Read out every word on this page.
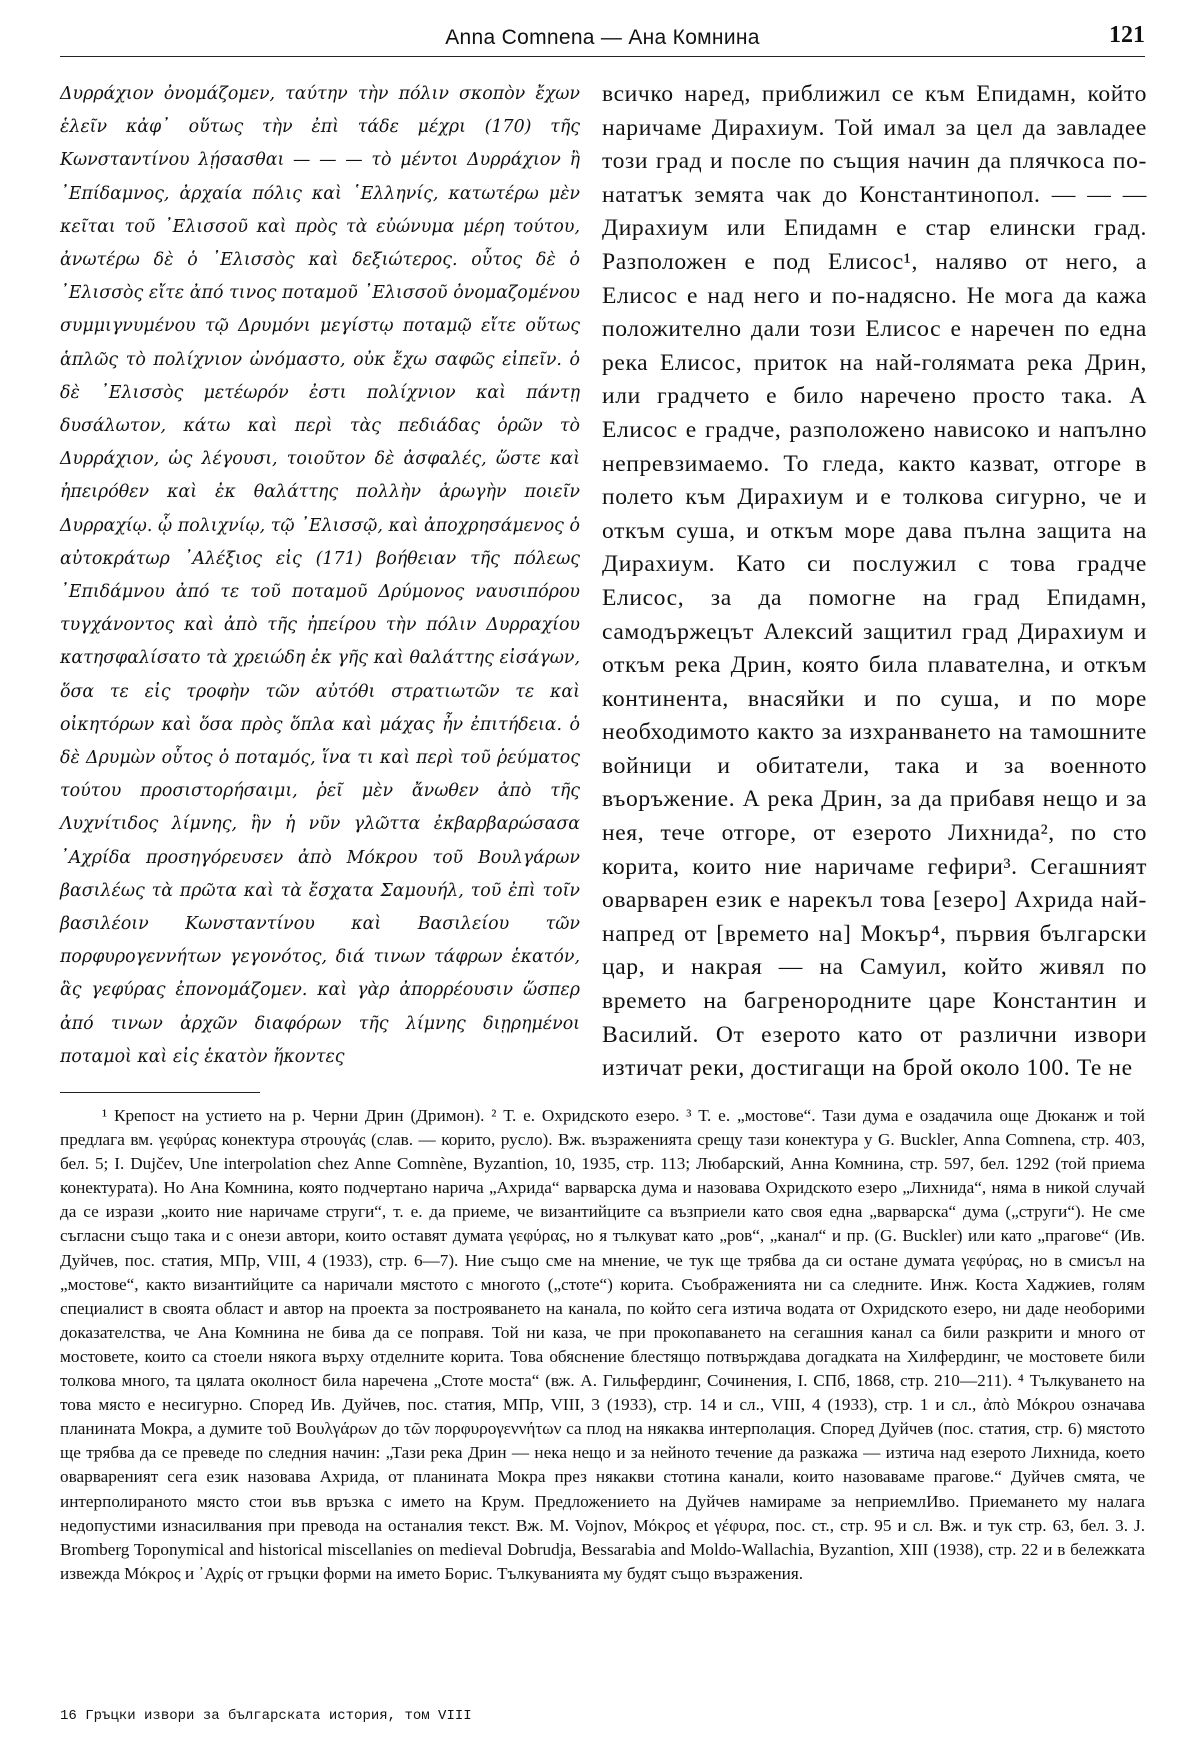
Anna Comnena — Ана Комнина	121

Δυρράχιον ὀνομάζομεν, ταύτην τὴν πόλιν σκοπὸν ἔχων ἑλεῖν κἀφ᾿ οὕτως τὴν ἐπὶ τάδε μέχρι (170) τῆς Κωνσταντίνου λῄσασθαι — — — τὸ μέντοι Δυρράχιον ἢ ᾿Επίδαμνος, ἀρχαία πόλις καὶ ῾Ελληνίς, κατωτέρω μὲν κεῖται τοῦ ᾿Ελισσοῦ καὶ πρὸς τὰ εὐώνυμα μέρη τούτου, ἀνωτέρω δὲ ὁ ᾿Ελισσὸς καὶ δεξιώτερος. οὗτος δὲ ὁ ᾿Ελισσὸς εἴτε ἀπό τινος ποταμοῦ ᾿Ελισσοῦ ὀνομαζομένου συμμιγνυμένου τῷ Δρυμόνι μεγίστῳ ποταμῷ εἴτε οὕτως ἁπλῶς τὸ πολίχνιον ὠνόμαστο, οὐκ ἔχω σαφῶς εἰπεῖν. ὁ δὲ ᾿Ελισσὸς μετέωρόν ἐστι πολίχνιον καὶ πάντῃ δυσάλωτον, κάτω καὶ περὶ τὰς πεδιάδας ὁρῶν τὸ Δυρράχιον, ὡς λέγουσι, τοιοῦτον δὲ ἀσφαλές, ὥστε καὶ ἠπειρόθεν καὶ ἐκ θαλάττης πολλὴν ἀρωγὴν ποιεῖν Δυρραχίῳ. ᾧ πολιχνίῳ, τῷ ᾿Ελισσῷ, καὶ ἀποχρησάμενος ὁ αὐτοκράτωρ ᾿Αλέξιος εἰς (171) βοήθειαν τῆς πόλεως ᾿Επιδάμνου ἀπό τε τοῦ ποταμοῦ Δρύμονος ναυσιπόρου τυγχάνοντος καὶ ἀπὸ τῆς ἠπείρου τὴν πόλιν Δυρραχίου κατησφαλίσατο τὰ χρειώδη ἐκ γῆς καὶ θαλάττης εἰσάγων, ὅσα τε εἰς τροφὴν τῶν αὐτόθι στρατιωτῶν τε καὶ οἰκητόρων καὶ ὅσα πρὸς ὅπλα καὶ μάχας ἦν ἐπιτήδεια. ὁ δὲ Δρυμὼν οὗτος ὁ ποταμός, ἵνα τι καὶ περὶ τοῦ ῥεύματος τούτου προσιστορήσαιμι, ῥεῖ μὲν ἄνωθεν ἀπὸ τῆς Λυχνίτιδος λίμνης, ἣν ἡ νῦν γλῶττα ἐκβαρβαρώσασα ᾿Αχρίδα προσηγόρευσεν ἀπὸ Μόκρου τοῦ Βουλγάρων βασιλέως τὰ πρῶτα καὶ τὰ ἔσχατα Σαμουήλ, τοῦ ἐπὶ τοῖν βασιλέοιν Κωνσταντίνου καὶ Βασιλείου τῶν πορφυρογεννήτων γεγονότος, διά τινων τάφρων ἑκατόν, ἃς γεφύρας ἐπονομάζομεν. καὶ γὰρ ἀπορρέουσιν ὥσπερ ἀπό τινων ἀρχῶν διαφόρων τῆς λίμνης διῃρημένοι ποταμοὶ καὶ εἰς ἑκατὸν ἥκοντες

всичко наред, приближил се към Епидамн, който наричаме Дирахиум. Той имал за цел да завладее този град и после по същия начин да плячкоса по-нататък земята чак до Константинопол. — — — Дирахиум или Епидамн е стар елински град. Разположен е под Елисос¹, наляво от него, а Елисос е над него и по-надясно. Не мога да кажа положително дали този Елисос е наречен по една река Елисос, приток на най-голямата река Дрин, или градчето е било наречено просто така. А Елисос е градче, разположено нависоко и напълно непревзимаемо. То гледа, както казват, отгоре в полето към Дирахиум и е толкова сигурно, че и откъм суша, и откъм море дава пълна защита на Дирахиум. Като си послужил с това градче Елисос, за да помогне на град Епидамн, самодържецът Алексий защитил град Дирахиум и откъм река Дрин, която била плавателна, и откъм континента, внасяйки и по суша, и по море необходимото както за изхранването на тамошните войници и обитатели, така и за военното въоръжение. А река Дрин, за да прибавя нещо и за нея, тече отгоре, от езерото Лихнида², по сто корита, които ние наричаме гефири³. Сегашният оварварен език е нарекъл това [езеро] Ахрида най-напред от [времето на] Мокър⁴, първия български цар, и накрая — на Самуил, който живял по времето на багренородните царе Константин и Василий. От езерото като от различни извори изтичат реки, достигащи на брой около 100. Те не

¹ Крепост на устието на р. Черни Дрин (Дримон). ² Т. е. Охридското езеро. ³ Т. е. „мостове“. Тази дума е озадачила още Дюканж и той предлага вм. γεφύρας конектура στρουγάς (слав. — корито, русло). Вж. възраженията срещу тази конектура у G. Buckler, Anna Comnena, стр. 403, бел. 5; I. Dujčev, Une interpolation chez Anne Comnène, Byzantion, 10, 1935, стр. 113; Любарский, Анна Комнина, стр. 597, бел. 1292 (той приема конектурата). Но Ана Комнина, която подчертано нарича „Ахрида“ варварска дума и назовава Охридското езеро „Лихнида“, няма в никой случай да се изрази „които ние наричаме струги“, т. е. да приеме, че византийците са възприели като своя една „варварска“ дума („струги“). Не сме съгласни също така и с онези автори, които оставят думата γεφύρας, но я тълкуват като „ров“, „канал“ и пр. (G. Buckler) или като „прагове“ (Ив. Дуйчев, пос. статия, МПр, VIII, 4 (1933), стр. 6—7). Ние също сме на мнение, че тук ще трябва да си остане думата γεφύρας, но в смисъл на „мостове“, както византийците са наричали мястото с многото („стоте“) корита. Съображенията ни са следните. Инж. Коста Хаджиев, голям специалист в своята област и автор на проекта за построяването на канала, по който сега изтича водата от Охридското езеро, ни даде необорими доказателства, че Ана Комнина не бива да се поправя. Той ни каза, че при прокопаването на сегашния канал са били разкрити и много от мостовете, които са стоели някога върху отделните корита. Това обяснение блестящо потвърждава догадката на Хилфердинг, че мостовете били толкова много, та цялата околност била наречена „Стоте моста“ (вж. А. Гильфердинг, Сочинения, I. СПб, 1868, стр. 210—211). ⁴ Тълкуването на това място е несигурно. Според Ив. Дуйчев, пос. статия, МПр, VIII, 3 (1933), стр. 14 и сл., VIII, 4 (1933), стр. 1 и сл., ἀπὸ Μόκρου означава планината Мокра, а думите τοῦ Βουλγάρων до τῶν πορφυρογεννήτων са плод на някаква интерполация. Според Дуйчев (пос. статия, стр. 6) мястото ще трябва да се преведе по следния начин: „Тази река Дрин — нека нещо и за нейното течение да разкажа — изтича над езерото Лихнида, което оварвареният сега език назовава Ахрида, от планината Мокра през някакви стотина канали, които назоваваме прагове.“ Дуйчев смята, че интерполираното място стои във връзка с името на Крум. Предложението на Дуйчев намираме за неприемлИво. Приемането му налага недопустими изнасилвания при превода на останалия текст. Вж. M. Vojnov, Μόκρος et γέφυρα, пос. ст., стр. 95 и сл. Вж. и тук стр. 63, бел. 3. J. Bromberg Toponymical and historical miscellanies on medieval Dobrudja, Bessarabia and Moldo-Wallachia, Byzantion, XIII (1938), стр. 22 и в бележката извежда Μόκρος и ᾿Αχρίς от гръцки форми на името Борис. Тълкуванията му будят също възражения.

16 Гръцки извори за българската история, том VIII
